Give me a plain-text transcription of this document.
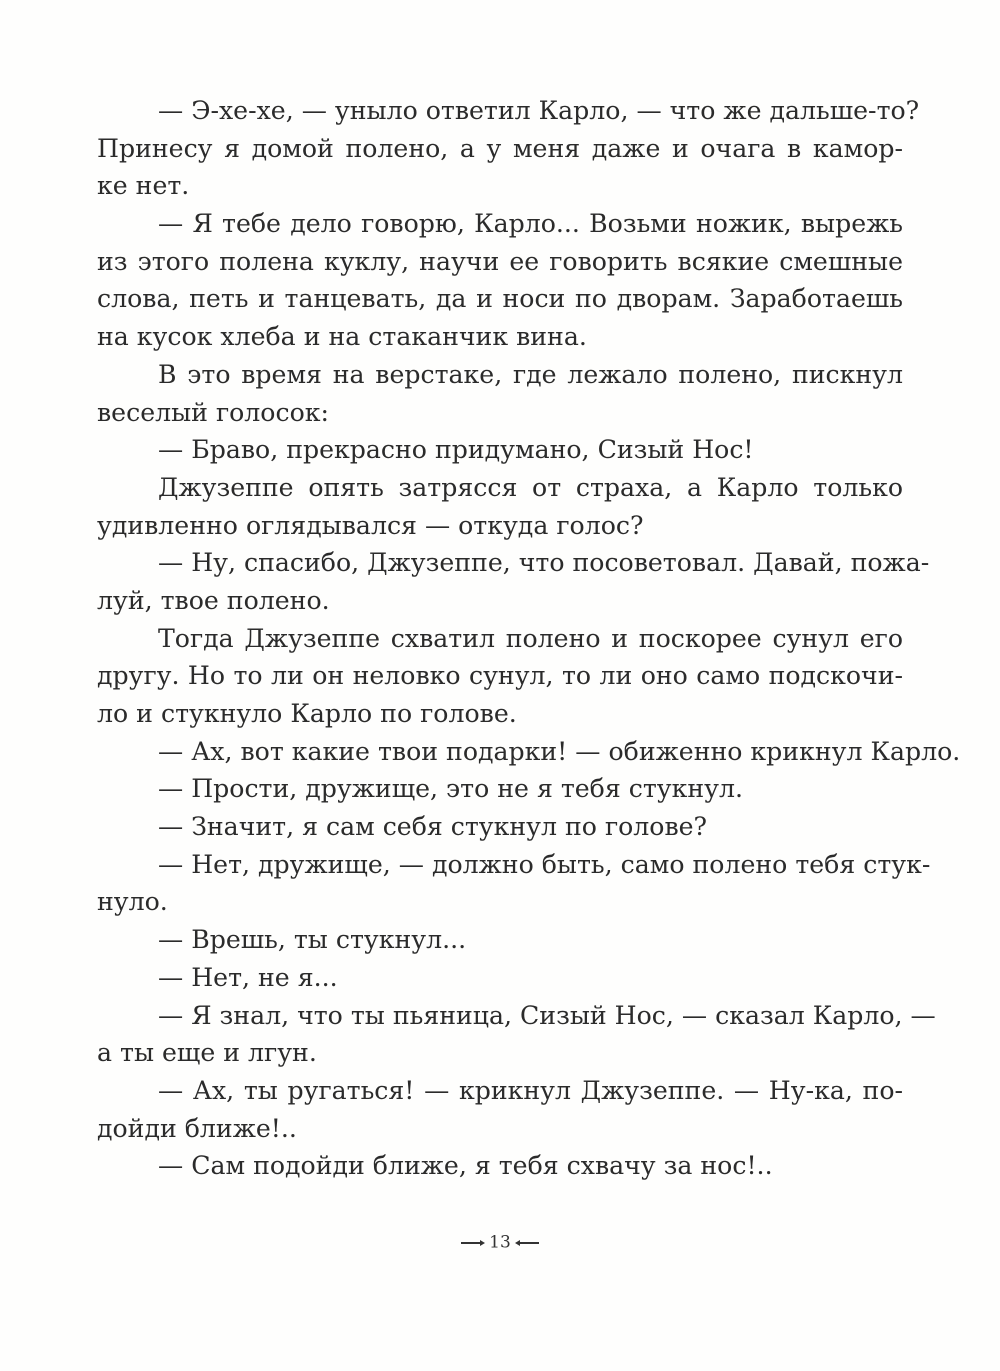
— Э-хе-хе, — уныло ответил Карло, — что же дальше-то?
Принесу я домой полено, а у меня даже и очага в камор-
ке нет.
— Я тебе дело говорю, Карло... Возьми ножик, вырежь
из этого полена куклу, научи ее говорить всякие смешные
слова, петь и танцевать, да и носи по дворам. Заработаешь
на кусок хлеба и на стаканчик вина.
В это время на верстаке, где лежало полено, пискнул
веселый голосок:
— Браво, прекрасно придумано, Сизый Нос!
Джузеппе опять затрясся от страха, а Карло только
удивленно оглядывался — откуда голос?
— Ну, спасибо, Джузеппе, что посоветовал. Давай, пожа-
луй, твое полено.
Тогда Джузеппе схватил полено и поскорее сунул его
другу. Но то ли он неловко сунул, то ли оно само подскочи-
ло и стукнуло Карло по голове.
— Ах, вот какие твои подарки! — обиженно крикнул Карло.
— Прости, дружище, это не я тебя стукнул.
— Значит, я сам себя стукнул по голове?
— Нет, дружище, — должно быть, само полено тебя стук-
нуло.
— Врешь, ты стукнул...
— Нет, не я...
— Я знал, что ты пьяница, Сизый Нос, — сказал Карло, —
а ты еще и лгун.
— Ах, ты ругаться! — крикнул Джузеппе. — Ну-ка, по-
дойди ближе!..
— Сам подойди ближе, я тебя схвачу за нос!..
13
